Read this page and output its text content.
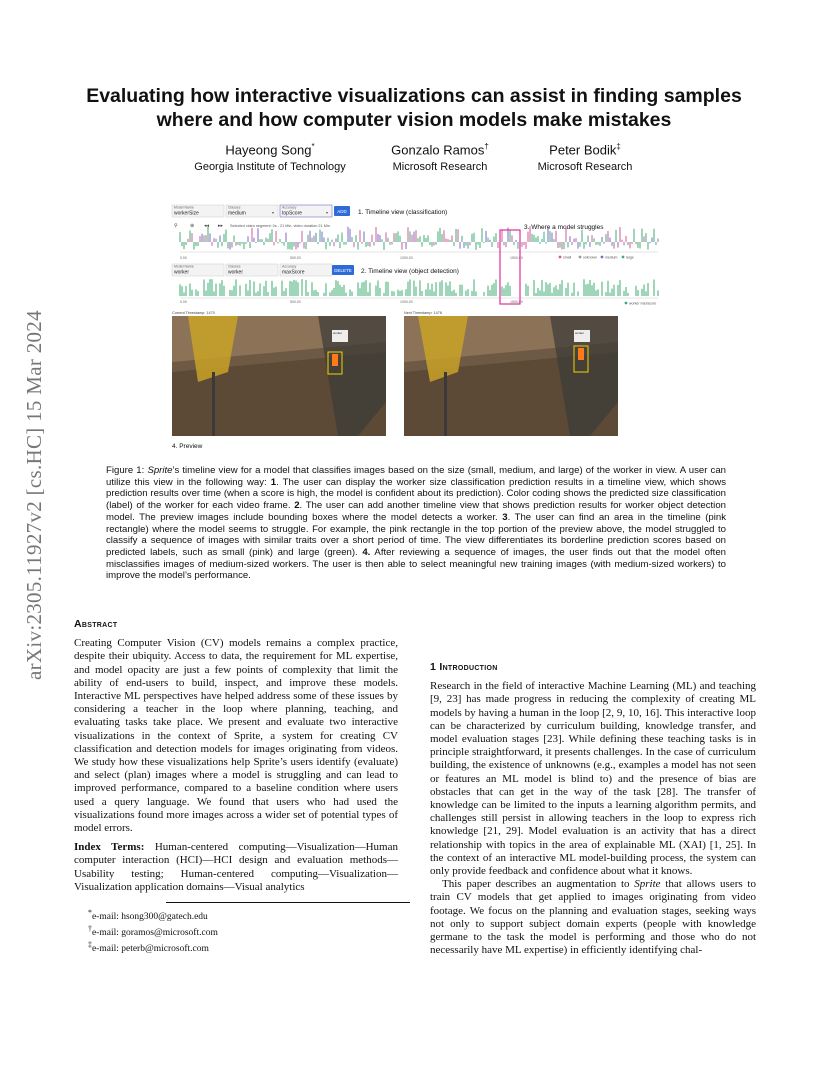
arXiv:2305.11927v2 [cs.HC] 15 Mar 2024
Evaluating how interactive visualizations can assist in finding samples
where and how computer vision models make mistakes
Hayeong Song*
Georgia Institute of Technology
Gonzalo Ramos†
Microsoft Research
Peter Bodik‡
Microsoft Research
Model Name
workerSize
Classes
medium	▾
Accuracy
topScore	▾ ADD 1. Timeline view (classification)
⚲ ⊕ ◂◂ ▸▸ Selected video segment: 0s - 21 Min, video duration 21 Min	3. Where a model struggles
0.00	500.00	1000.00	1500.00	small	unknown medium large
Model Name
worker
Classes
worker
Accuracy
maxScore	DELETE 2. Timeline view (object detection)
0.00	500.00	1000.00	1500.00	worker maxScore
Current Timestamp: 1470
worker
Next Timestamp: 1476
worker
4. Preview

Figure 1: Sprite’s timeline view for a model that classifies images based on the size (small, medium, and large) of the worker in view. A user can utilize this view in the following way: 1. The user can display the worker size classification prediction results in a timeline view, which shows prediction results over time (when a score is high, the model is confident about its prediction). Color coding shows the predicted size classification (label) of the worker for each video frame. 2. The user can add another timeline view that shows prediction results for worker object detection model. The preview images include bounding boxes where the model detects a worker. 3. The user can find an area in the timeline (pink rectangle) where the model seems to struggle. For example, the pink rectangle in the top portion of the preview above, the model struggled to classify a sequence of images with similar traits over a short period of time. The view differentiates its borderline prediction scores based on predicted labels, such as small (pink) and large (green). 4. After reviewing a sequence of images, the user finds out that the model often misclassifies images of medium-sized workers. The user is then able to select meaningful new training images (with medium-sized workers) to improve the model’s performance.

Abstract

Creating Computer Vision (CV) models remains a complex practice, despite their ubiquity. Access to data, the requirement for ML expertise, and model opacity are just a few points of complexity that limit the ability of end-users to build, inspect, and improve these models. Interactive ML perspectives have helped address some of these issues by considering a teacher in the loop where planning, teaching, and evaluating tasks take place. We present and evaluate two interactive visualizations in the context of Sprite, a system for creating CV classification and detection models for images originating from videos. We study how these visualizations help Sprite’s users identify (evaluate) and select (plan) images where a model is struggling and can lead to improved performance, compared to a baseline condition where users used a query language. We found that users who had used the visualizations found more images across a wider set of potential types of model errors.

Index Terms: Human-centered computing—Visualization—Human computer interaction (HCI)—HCI design and evaluation methods—Usability testing; Human-centered computing—Visualization—Visualization application domains—Visual analytics

*e-mail: hsong300@gatech.edu
†e-mail: goramos@microsoft.com
‡e-mail: peterb@microsoft.com
1 Introduction

Research in the field of interactive Machine Learning (ML) and teaching [9, 23] has made progress in reducing the complexity of creating ML models by having a human in the loop [2, 9, 10, 16]. This interactive loop can be characterized by curriculum building, knowledge transfer, and model evaluation stages [23]. While defining these teaching tasks is in principle straightforward, it presents challenges. In the case of curriculum building, the existence of unknowns (e.g., examples a model has not seen or features an ML model is blind to) and the presence of bias are obstacles that can get in the way of the task [28]. The transfer of knowledge can be limited to the inputs a learning algorithm permits, and challenges still persist in allowing teachers in the loop to express rich knowledge [21, 29]. Model evaluation is an activity that has a direct relationship with topics in the area of explainable ML (XAI) [1, 25]. In the context of an interactive ML model-building process, the system can only provide feedback and confidence about what it knows.

This paper describes an augmentation to Sprite that allows users to train CV models that get applied to images originating from video footage. We focus on the planning and evaluation stages, seeking ways not only to support subject domain experts (people with knowledge germane to the task the model is performing and those who do not necessarily have ML expertise) in efficiently identifying chal-
